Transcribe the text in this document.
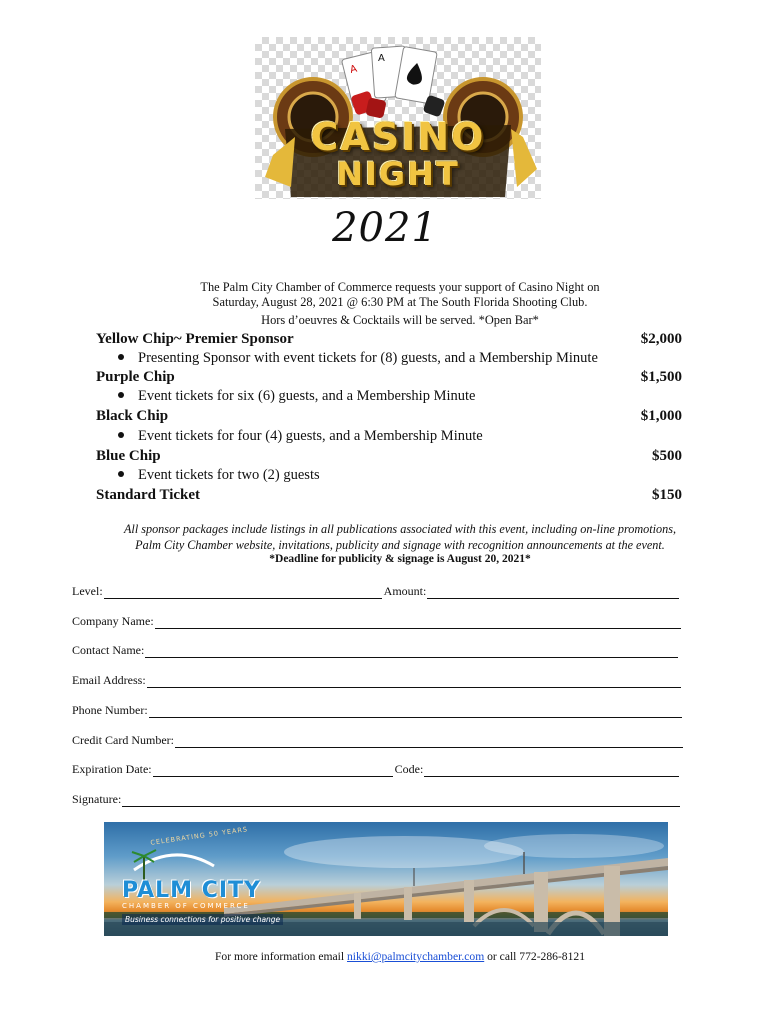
A
A
CASINO
NIGHT
2021
The Palm City Chamber of Commerce requests your support of Casino Night on
Saturday, August 28, 2021 @ 6:30 PM at The South Florida Shooting Club.
Hors d’oeuvres & Cocktails will be served. *Open Bar*
Yellow Chip~ Premier Sponsor	$2,000
Presenting Sponsor with event tickets for (8) guests, and a Membership Minute
Purple Chip	$1,500
Event tickets for six (6) guests, and a Membership Minute
Black Chip	$1,000
Event tickets for four (4) guests, and a Membership Minute
Blue Chip	$500
Event tickets for two (2) guests
Standard Ticket	$150
All sponsor packages include listings in all publications associated with this event, including on-line promotions,
Palm City Chamber website, invitations, publicity and signage with recognition announcements at the event.
*Deadline for publicity & signage is August 20, 2021*
Level:	Amount:
Company Name:
Contact Name:
Email Address:
Phone Number:
Credit Card Number:
Expiration Date:	Code:
Signature:
CELEBRATING 50 YEARS
PALM CITY
CHAMBER OF COMMERCE
Business connections for positive change
For more information email nikki@palmcitychamber.com or call 772-286-8121
